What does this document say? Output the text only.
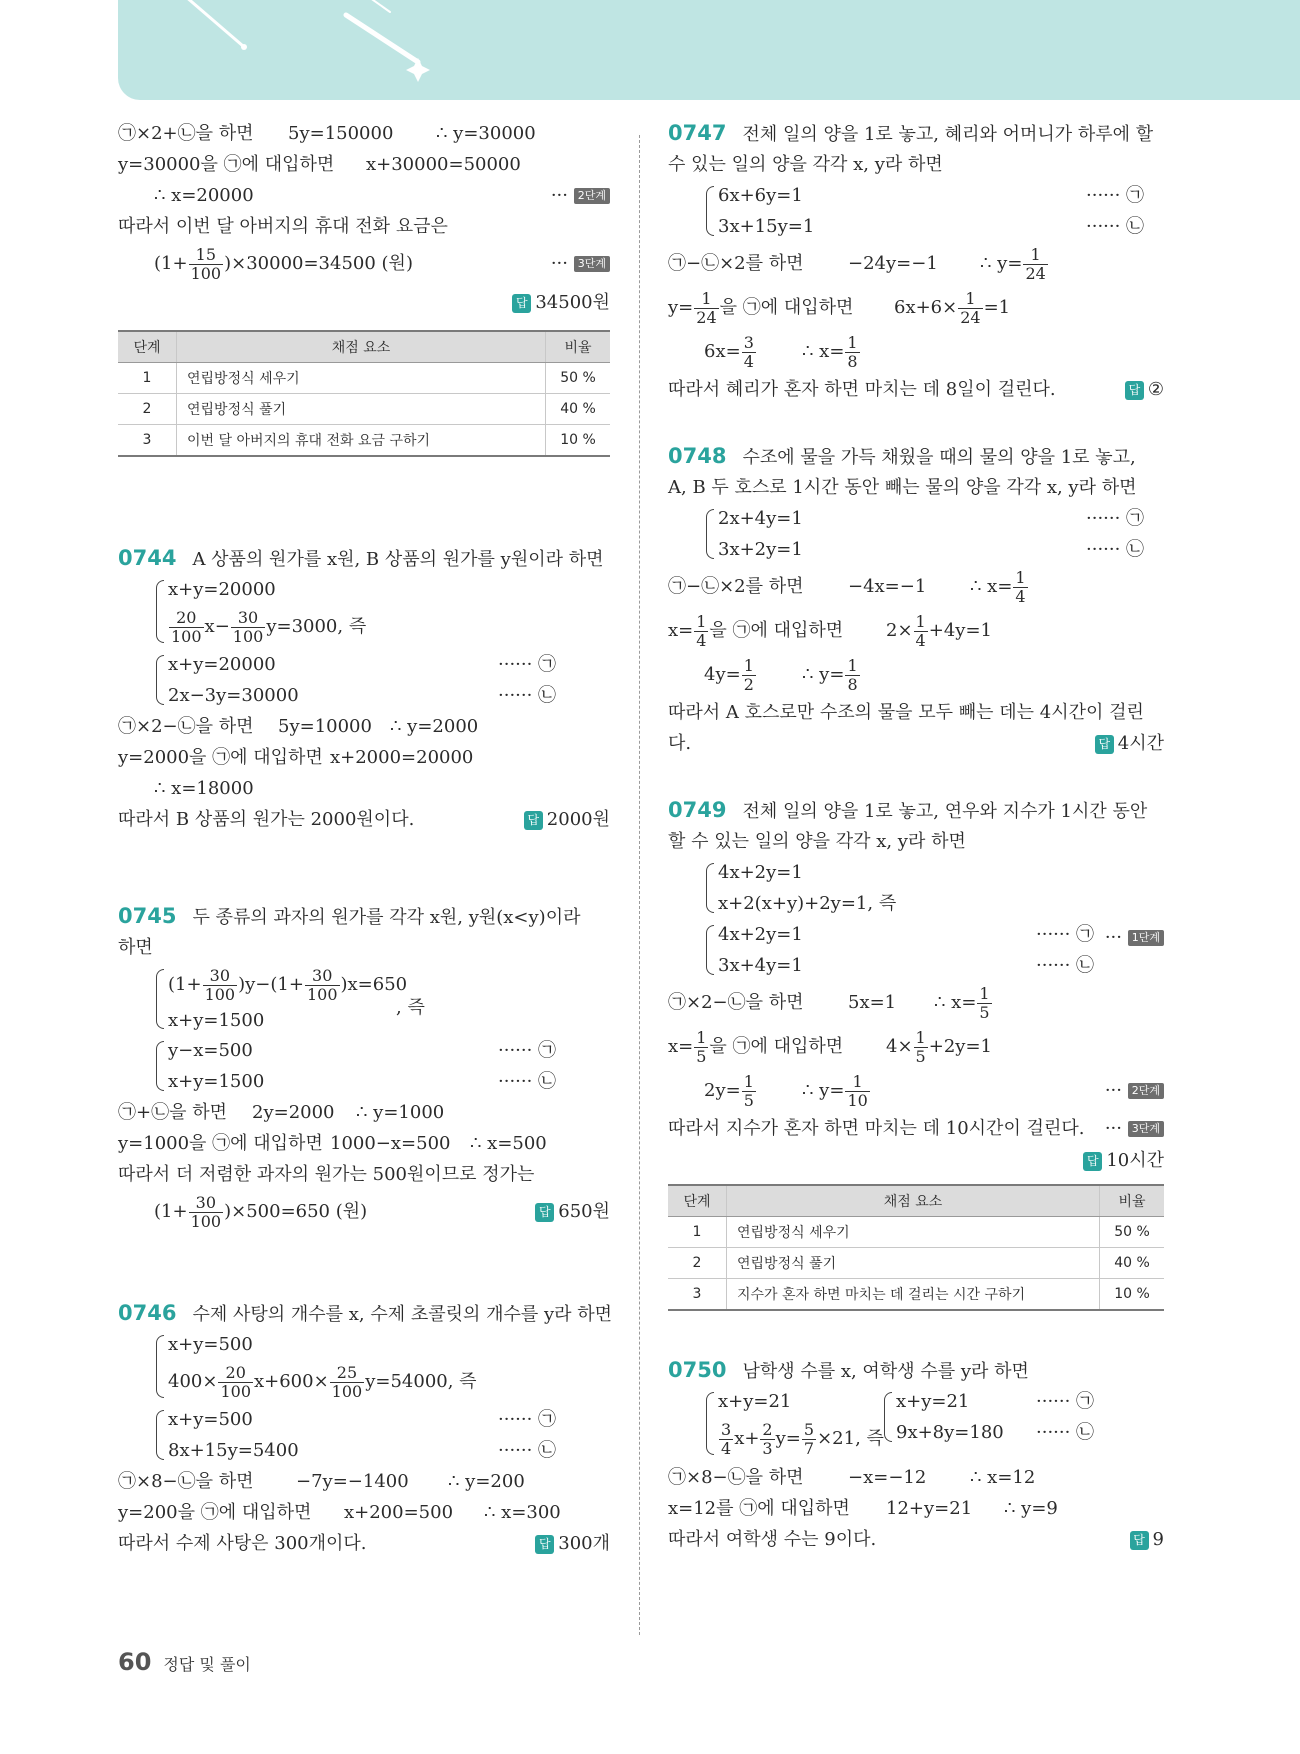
㉠×2+㉡을 하면 5y=150000 ∴ y=30000
y=30000을 ㉠에 대입하면 x+30000=50000
∴ x=20000	··· 2단계
따라서 이번 달 아버지의 휴대 전화 요금은
$(1+ \frac{15}{100} )\times 30000=34500$ (원)	··· 3단계
답 34500원
단계	채점 요소	비율
1	연립방정식 세우기	50 %
2	연립방정식 풀기	40 %
3	이번 달 아버지의 휴대 전화 요금 구하기	10 %
0744 A 상품의 원가를 x원, B 상품의 원가를 y원이라 하면
x+y=20000
$\frac{20}{100} x- \frac{30}{100} y=3000$, 즉
x+y=20000	······ ㉠
2x−3y=30000	······ ㉡
㉠×2−㉡을 하면 5y=10000 ∴ y=2000
y=2000을 ㉠에 대입하면 x+2000=20000
∴ x=18000
따라서 B 상품의 원가는 2000원이다.	답 2000원
0745 두 종류의 과자의 원가를 각각 x원, y원(x<y)이라
하면
$(1+ \frac{30}{100} )y-(1+ \frac{30}{100} )x=650$
x+y=1500
, 즉
y−x=500	······ ㉠
x+y=1500	······ ㉡
㉠+㉡을 하면 2y=2000 ∴ y=1000
y=1000을 ㉠에 대입하면 1000−x=500 ∴ x=500
따라서 더 저렴한 과자의 원가는 500원이므로 정가는
$(1+ \frac{30}{100} )\times 500=650$ (원)	답 650원
0746 수제 사탕의 개수를 x, 수제 초콜릿의 개수를 y라 하면
x+y=500
$400\times \frac{20}{100} x+600\times \frac{25}{100} y=54000$, 즉
x+y=500	······ ㉠
8x+15y=5400	······ ㉡
㉠×8−㉡을 하면 −7y=−1400 ∴ y=200
y=200을 ㉠에 대입하면 x+200=500 ∴ x=300
따라서 수제 사탕은 300개이다.	답 300개
0747 전체 일의 양을 1로 놓고, 혜리와 어머니가 하루에 할
수 있는 일의 양을 각각 x, y라 하면
6x+6y=1	······ ㉠
3x+15y=1	······ ㉡
㉠−㉡×2를 하면 −24y=−1 ∴ $y= \frac{1}{24}$
$y= \frac{1}{24}$ 을 ㉠에 대입하면 $6x+6\times \frac{1}{24} =1$
$6x= \frac{3}{4}$	∴ $x= \frac{1}{8}$
따라서 혜리가 혼자 하면 마치는 데 8일이 걸린다.	답 ②
0748 수조에 물을 가득 채웠을 때의 물의 양을 1로 놓고,
A, B 두 호스로 1시간 동안 빼는 물의 양을 각각 x, y라 하면
2x+4y=1	······ ㉠
3x+2y=1	······ ㉡
㉠−㉡×2를 하면 −4x=−1 ∴ $x= \frac{1}{4}$
$x= \frac{1}{4}$ 을 ㉠에 대입하면 $2\times \frac{1}{4} +4y=1$
$4y= \frac{1}{2}$	∴ $y= \frac{1}{8}$
따라서 A 호스로만 수조의 물을 모두 빼는 데는 4시간이 걸린
다.	답 4시간
0749 전체 일의 양을 1로 놓고, 연우와 지수가 1시간 동안
할 수 있는 일의 양을 각각 x, y라 하면
4x+2y=1
x+2(x+y)+2y=1, 즉
4x+2y=1	······ ㉠
3x+4y=1	······ ㉡
··· 1단계
㉠×2−㉡을 하면 5x=1 ∴ $x= \frac{1}{5}$
$x= \frac{1}{5}$ 을 ㉠에 대입하면 $4\times \frac{1}{5} +2y=1$
$2y= \frac{1}{5}$	∴ $y= \frac{1}{10}$	··· 2단계
따라서 지수가 혼자 하면 마치는 데 10시간이 걸린다. ··· 3단계
답 10시간
단계	채점 요소	비율
1	연립방정식 세우기	50 %
2	연립방정식 풀기	40 %
3	지수가 혼자 하면 마치는 데 걸리는 시간 구하기	10 %
0750 남학생 수를 x, 여학생 수를 y라 하면
x+y=21
$\frac{3}{4} x+ \frac{2}{3} y= \frac{5}{7} \times 21$, 즉
x+y=21	······ ㉠
9x+8y=180 ······ ㉡
㉠×8−㉡을 하면 −x=−12 ∴ x=12
x=12를 ㉠에 대입하면 12+y=21 ∴ y=9
따라서 여학생 수는 9이다.	답 9
60 정답 및 풀이
